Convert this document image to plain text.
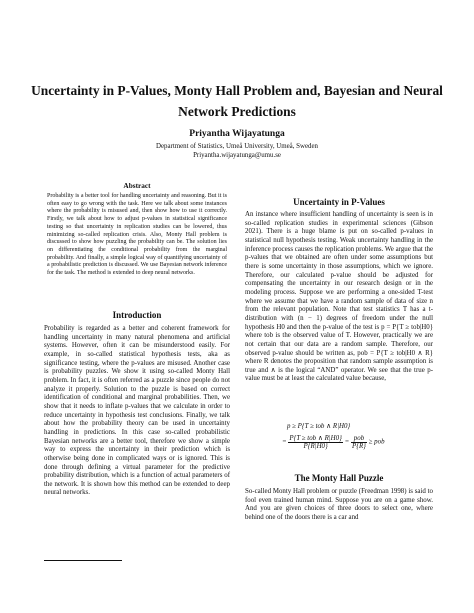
Uncertainty in P-Values, Monty Hall Problem and, Bayesian and Neural Network Predictions
Priyantha Wijayatunga
Department of Statistics, Umeå University, Umeå, Sweden
Priyantha.wijayatunga@umu.se
Abstract

Probability is a better tool for handling uncertainty and reasoning. But it is often easy to go wrong with the task. Here we talk about some instances where the probability is misused and, then show how to use it correctly. Firstly, we talk about how to adjust p-values in statistical significance testing so that uncertainty in replication studies can be lowered, thus minimizing so-called replication crisis. Also, Monty Hall problem is discussed to show how puzzling the probability can be. The solution lies on differentiating the conditional probability from the marginal probability. And finally, a simple logical way of quantifying uncertainty of a probabilistic prediction is discussed. We use Bayesian network inference for the task. The method is extended to deep neural networks.

Introduction

Probability is regarded as a better and coherent framework for handling uncertainty in many natural phenomena and artificial systems. However, often it can be misunderstood easily. For example, in so-called statistical hypothesis tests, aka as significance testing, where the p-values are misused. Another case is probability puzzles. We show it using so-called Monty Hall problem. In fact, it is often referred as a puzzle since people do not analyze it properly. Solution to the puzzle is based on correct identification of conditional and marginal probabilities. Then, we show that it needs to inflate p-values that we calculate in order to reduce uncertainty in hypothesis test conclusions. Finally, we talk about how the probability theory can be used in uncertainty handling in predictions. In this case so-called probabilistic Bayesian networks are a better tool, therefore we show a simple way to express the uncertainty in their prediction which is otherwise being done in complicated ways or is ignored. This is done through defining a virtual parameter for the predictive probability distribution, which is a function of actual parameters of the network. It is shown how this method can be extended to deep neural networks.

Uncertainty in P-Values

An instance where insufficient handling of uncertainty is seen is in so-called replication studies in experimental sciences (Gibson 2021). There is a huge blame is put on so-called p-values in statistical null hypothesis testing. Weak uncertainty handling in the inference process causes the replication problems. We argue that the p-values that we obtained are often under some assumptions but there is some uncertainty in those assumptions, which we ignore. Therefore, our calculated p-value should be adjusted for compensating the uncertainty in our research design or in the modeling process. Suppose we are performing a one-sided T-test where we assume that we have a random sample of data of size n from the relevant population. Note that test statistics T has a t-distribution with (n − 1) degrees of freedom under the null hypothesis H0 and then the p-value of the test is p = P{T ≥ tob|H0} where tob is the observed value of T. However, practically we are not certain that our data are a random sample. Therefore, our observed p-value should be written as, pob = P{T ≥ tob|H0 ∧ R} where R denotes the proposition that random sample assumption is true and ∧ is the logical “AND” operator. We see that the true p-value must be at least the calculated value because,

p ≥ P{T ≥ tob ∧ R|H0}
= $\frac{\text{P\{T ≥ tob ∧ R|H0\}}}{P\{R|H0\}} = \frac{\text{pob}}{P\{R\}}$ ≥ pob
The Monty Hall Puzzle

So-called Monty Hall problem or puzzle (Freedman 1998) is said to fool even trained human mind. Suppose you are on a game show. And you are given choices of three doors to select one, where behind one of the doors there is a car and
